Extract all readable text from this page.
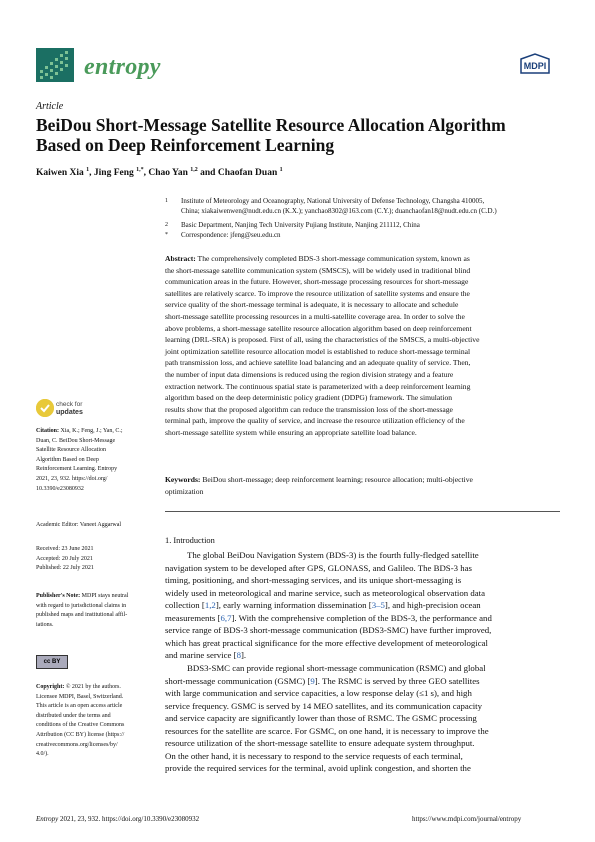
entropy	MDPI
Article
BeiDou Short-Message Satellite Resource Allocation Algorithm
Based on Deep Reinforcement Learning
Kaiwen Xia $^1$, Jing Feng $^{1,*}$, Chao Yan $^{1,2}$ and Chaofan Duan $^1$
1 Institute of Meteorology and Oceanography, National University of Defense Technology, Changsha 410005,
China; xiakaiwenwen@nudt.edu.cn (K.X.); yanchao8302@163.com (C.Y.); duanchaofan18@nudt.edu.cn (C.D.)
2 Basic Department, Nanjing Tech University Pujiang Institute, Nanjing 211112, China
* Correspondence: jfeng@seu.edu.cn
Abstract: The comprehensively completed BDS-3 short-message communication system, known as
the short-message satellite communication system (SMSCS), will be widely used in traditional blind
communication areas in the future. However, short-message processing resources for short-message
satellites are relatively scarce. To improve the resource utilization of satellite systems and ensure the
service quality of the short-message terminal is adequate, it is necessary to allocate and schedule
short-message satellite processing resources in a multi-satellite coverage area. In order to solve the
above problems, a short-message satellite resource allocation algorithm based on deep reinforcement
learning (DRL-SRA) is proposed. First of all, using the characteristics of the SMSCS, a multi-objective
joint optimization satellite resource allocation model is established to reduce short-message terminal
path transmission loss, and achieve satellite load balancing and an adequate quality of service. Then,
the number of input data dimensions is reduced using the region division strategy and a feature
extraction network. The continuous spatial state is parameterized with a deep reinforcement learning
algorithm based on the deep deterministic policy gradient (DDPG) framework. The simulation
results show that the proposed algorithm can reduce the transmission loss of the short-message
terminal path, improve the quality of service, and increase the resource utilization efficiency of the
short-message satellite system while ensuring an appropriate satellite load balance.
Keywords: BeiDou short-message; deep reinforcement learning; resource allocation; multi-objective
optimization
check for
updates
Citation: Xia, K.; Feng, J.; Yan, C.;
Duan, C. BeiDou Short-Message
Satellite Resource Allocation
Algorithm Based on Deep
Reinforcement Learning. Entropy
2021, 23, 932. https://doi.org/
10.3390/e23080932
Academic Editor: Vaneet Aggarwal
Received: 23 June 2021
Accepted: 20 July 2021
Published: 22 July 2021
Publisher's Note: MDPI stays neutral
with regard to jurisdictional claims in
published maps and institutional affil-
iations.
cc BY
Copyright: © 2021 by the authors.
Licensee MDPI, Basel, Switzerland.
This article is an open access article
distributed under the terms and
conditions of the Creative Commons
Attribution (CC BY) license (https://
creativecommons.org/licenses/by/
4.0/).
1. Introduction
The global BeiDou Navigation System (BDS-3) is the fourth fully-fledged satellite
navigation system to be developed after GPS, GLONASS, and Galileo. The BDS-3 has
timing, positioning, and short-messaging services, and its unique short-messaging is
widely used in meteorological and marine service, such as meteorological observation data
collection [1,2], early warning information dissemination [3–5], and high-precision ocean
measurements [6,7]. With the comprehensive completion of the BDS-3, the performance and
service range of BDS-3 short-message communication (BDS3-SMC) have further improved,
which has great practical significance for the more effective development of meteorological
and marine service [8].
BDS3-SMC can provide regional short-message communication (RSMC) and global
short-message communication (GSMC) [9]. The RSMC is served by three GEO satellites
with large communication and service capacities, a low response delay (≤1 s), and high
service frequency. GSMC is served by 14 MEO satellites, and its communication capacity
and service capacity are significantly lower than those of RSMC. The GSMC processing
resources for the satellite are scarce. For GSMC, on one hand, it is necessary to improve the
resource utilization of the short-message satellite to ensure adequate system throughput.
On the other hand, it is necessary to respond to the service requests of each terminal,
provide the required services for the terminal, avoid uplink congestion, and shorten the
Entropy 2021, 23, 932. https://doi.org/10.3390/e23080932	https://www.mdpi.com/journal/entropy
